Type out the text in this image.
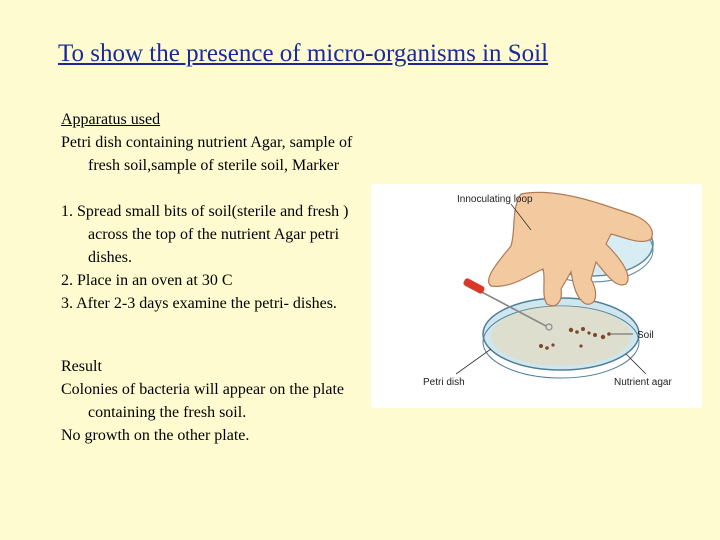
To show the presence of micro-organisms in Soil
Apparatus used
Petri dish containing nutrient Agar, sample of fresh soil,sample of sterile soil, Marker
1. Spread small bits of soil(sterile and fresh ) across the top of the nutrient Agar petri dishes.
2. Place in an oven at 30 C
3. After 2-3 days examine the petri- dishes.
Result
Colonies of bacteria will appear on the plate containing the fresh soil.
No growth on the other plate.
Innoculating loop
Soil
Petri dish	Nutrient agar
